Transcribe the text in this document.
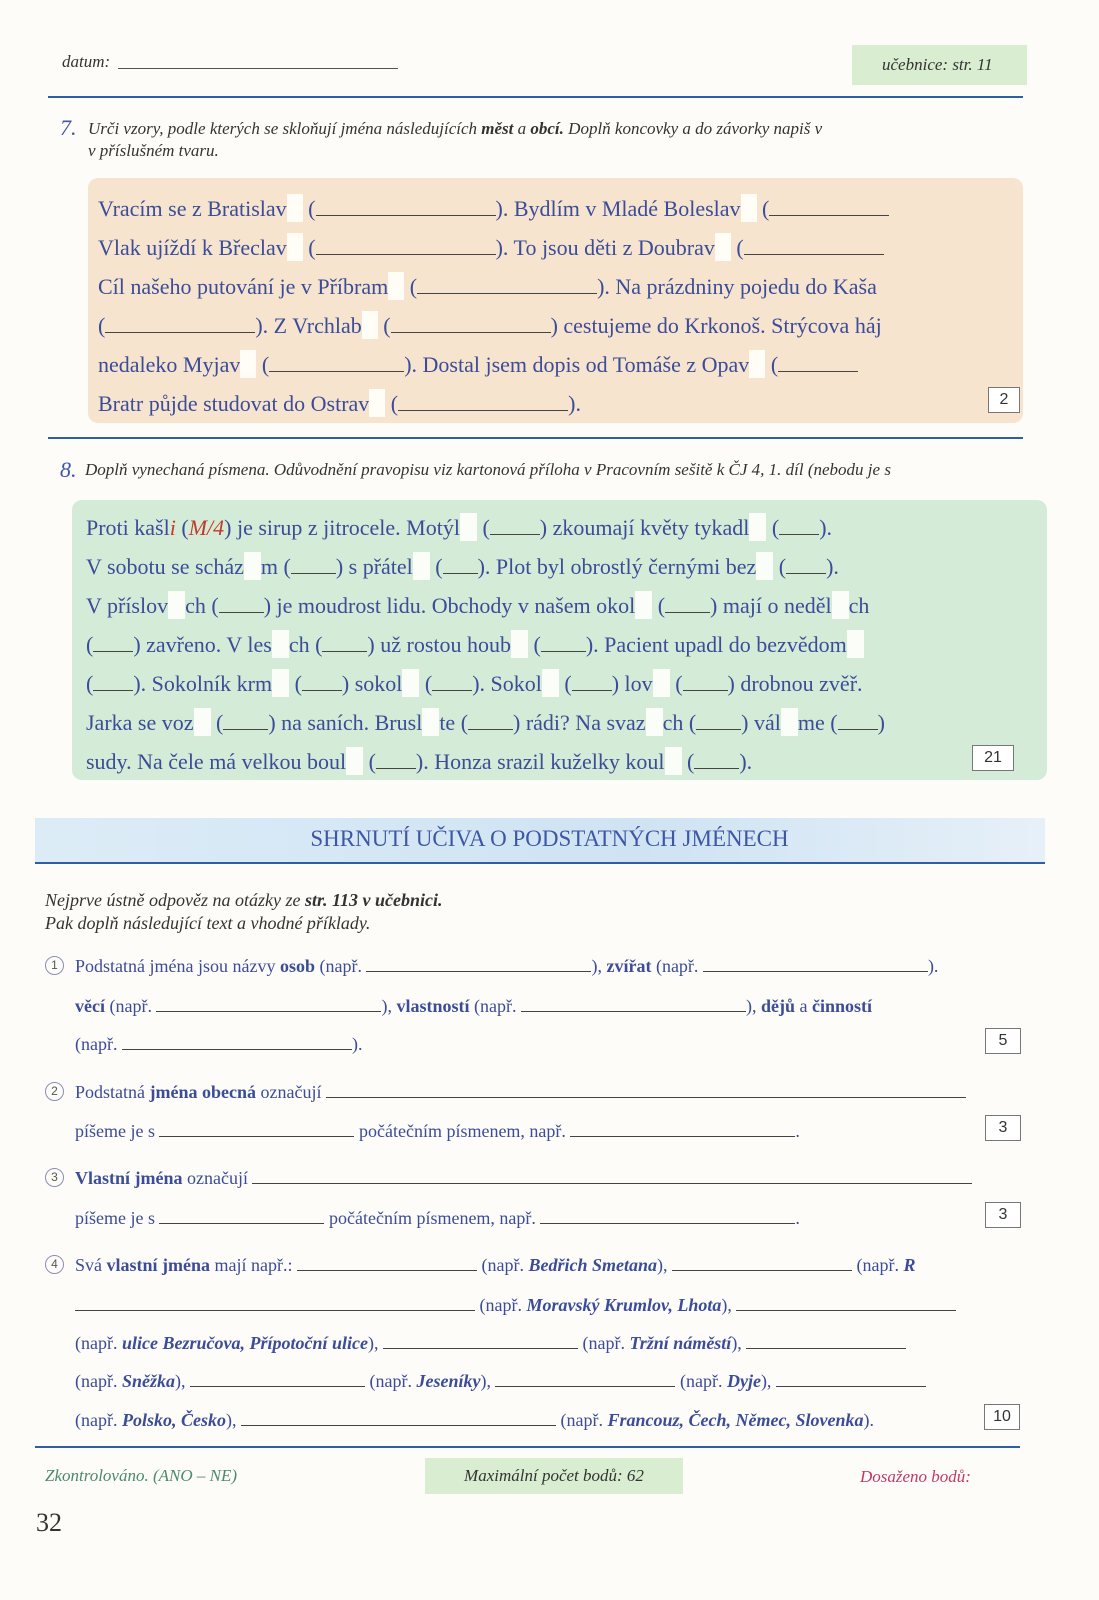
datum:	učebnice: str. 11
7. Urči vzory, podle kterých se skloňují jména následujících měst a obcí. Doplň koncovky a do závorky napiš v
v příslušném tvaru.
Vracím se z Bratislav (	). Bydlím v Mladé Boleslav (
Vlak ujíždí k Břeclav (	). To jsou děti z Doubrav (
Cíl našeho putování je v Příbram (	). Na prázdniny pojedu do Kaša
(	). Z Vrchlab (	) cestujeme do Krkonoš. Strýcova háj
nedaleko Myjav (	). Dostal jsem dopis od Tomáše z Opav (
Bratr půjde studovat do Ostrav (	).	2
8. Doplň vynechaná písmena. Odůvodnění pravopisu viz kartonová příloha v Pracovním sešitě k ČJ 4, 1. díl (nebodu je s
Proti kašli (M/4) je sirup z jitrocele. Motýl ( ) zkoumají květy tykadl ( ).
V sobotu se scház m ( ) s přátel ( ). Plot byl obrostlý černými bez ( ).
V příslov ch ( ) je moudrost lidu. Obchody v našem okol ( ) mají o neděl ch
( ) zavřeno. V les ch ( ) už rostou houb ( ). Pacient upadl do bezvědom
( ). Sokolník krm ( ) sokol ( ). Sokol ( ) lov ( ) drobnou zvěř.
Jarka se voz ( ) na saních. Brusl te ( ) rádi? Na svaz ch ( ) vál me ( )
sudy. Na čele má velkou boul ( ). Honza srazil kuželky koul ( ).	21
SHRNUTÍ UČIVA O PODSTATNÝCH JMÉNECH
Nejprve ústně odpověz na otázky ze str. 113 v učebnici.
Pak doplň následující text a vhodné příklady.
1 Podstatná jména jsou názvy osob (např.	), zvířat (např.	).
věcí (např.	), vlastností (např.	), dějů a činností
(např.	).	5
2 Podstatná jména obecná označují
píšeme je s	počátečním písmenem, např.	.	3
3 Vlastní jména označují
píšeme je s	počátečním písmenem, např.	.	3
4 Svá vlastní jména mají např.:	(např. Bedřich Smetana),	(např. R
(např. Moravský Krumlov, Lhota),
(např. ulice Bezručova, Přípotoční ulice),	(např. Tržní náměstí),
(např. Sněžka),	(např. Jeseníky),	(např. Dyje),
(např. Polsko, Česko),	(např. Francouz, Čech, Němec, Slovenka).	10
Zkontrolováno. (ANO – NE)	Maximální počet bodů: 62	Dosaženo bodů:
32
